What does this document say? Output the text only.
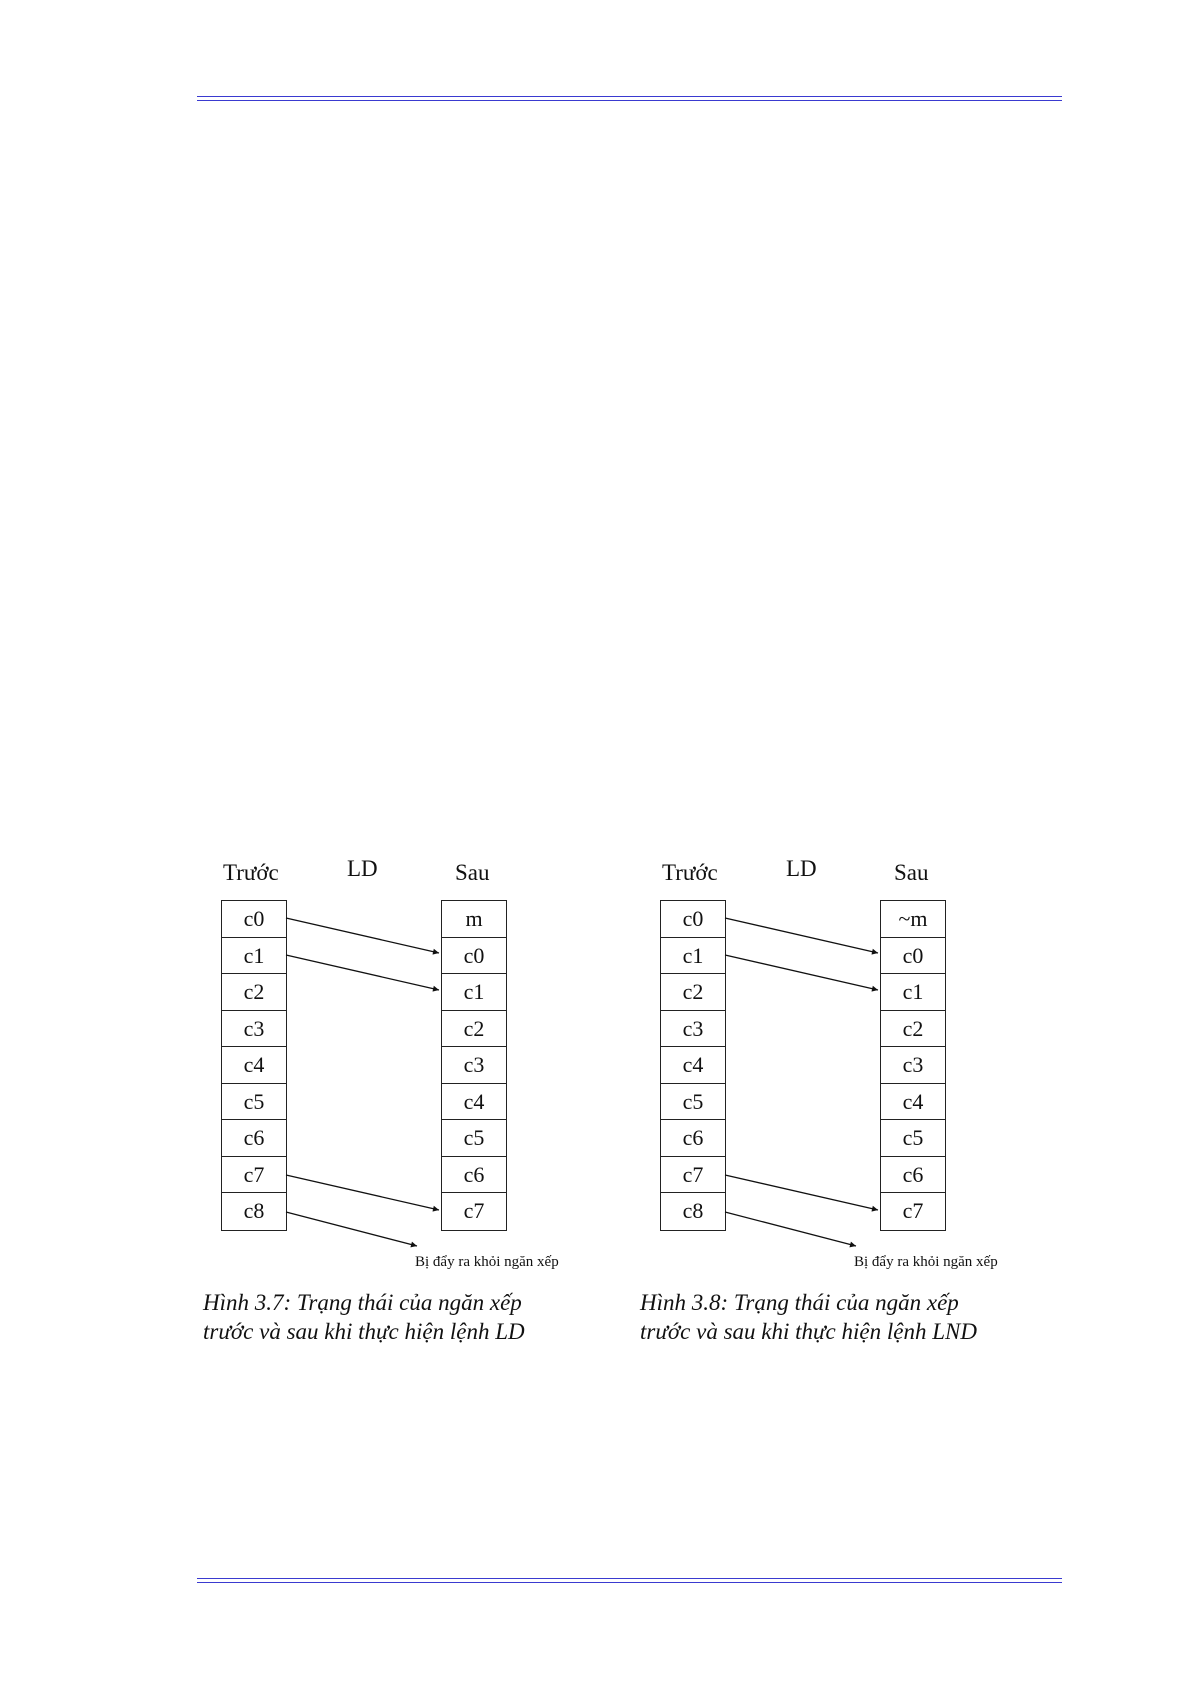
Trước	LD	Sau
c0
c1
c2
c3
c4
c5
c6
c7
c8
m
c0
c1
c2
c3
c4
c5
c6
c7
Bị đẩy ra khỏi ngăn xếp
Hình 3.7: Trạng thái của ngăn xếp
trước và sau khi thực hiện lệnh LD
Trước	LD	Sau
c0
c1
c2
c3
c4
c5
c6
c7
c8
~m
c0
c1
c2
c3
c4
c5
c6
c7
Bị đẩy ra khỏi ngăn xếp
Hình 3.8: Trạng thái của ngăn xếp
trước và sau khi thực hiện lệnh LND
